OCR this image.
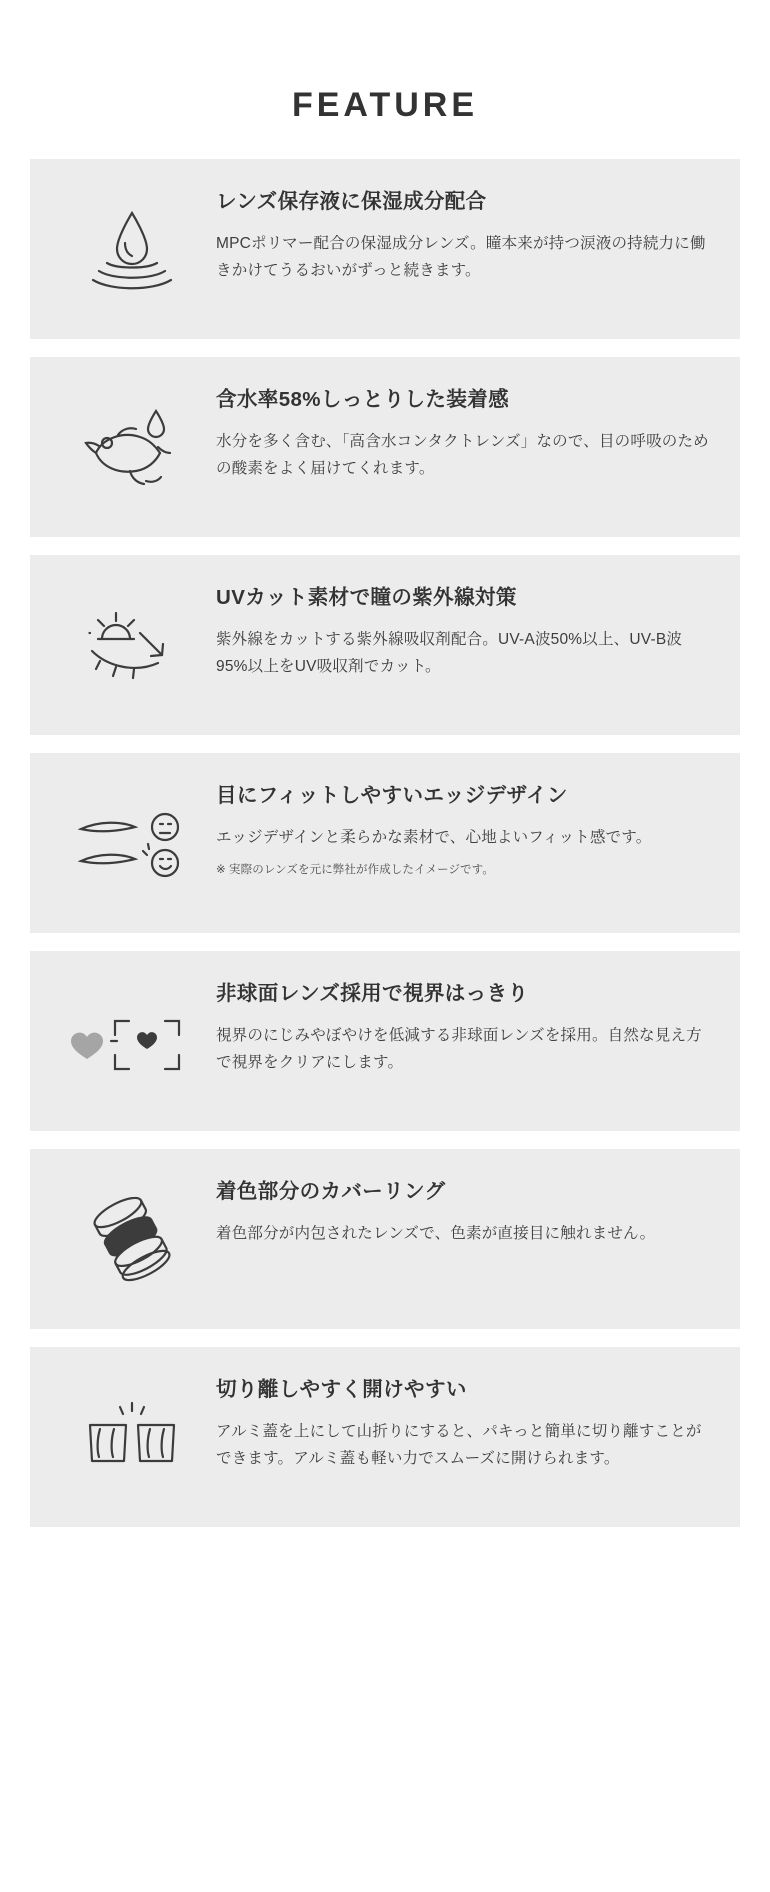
FEATURE
レンズ保存液に保湿成分配合

MPCポリマー配合の保湿成分レンズ。瞳本来が持つ涙液の持続力に働きかけてうるおいがずっと続きます。

含水率58%しっとりした装着感

水分を多く含む、「高含水コンタクトレンズ」なので、目の呼吸のための酸素をよく届けてくれます。

UVカット素材で瞳の紫外線対策

紫外線をカットする紫外線吸収剤配合。UV-A波50%以上、UV-B波95%以上をUV吸収剤でカット。

目にフィットしやすいエッジデザイン

エッジデザインと柔らかな素材で、心地よいフィット感です。

※ 実際のレンズを元に弊社が作成したイメージです。

非球面レンズ採用で視界はっきり

視界のにじみやぼやけを低減する非球面レンズを採用。自然な見え方で視界をクリアにします。

着色部分のカバーリング

着色部分が内包されたレンズで、色素が直接目に触れません。

切り離しやすく開けやすい

アルミ蓋を上にして山折りにすると、パキっと簡単に切り離すことができます。アルミ蓋も軽い力でスムーズに開けられます。
